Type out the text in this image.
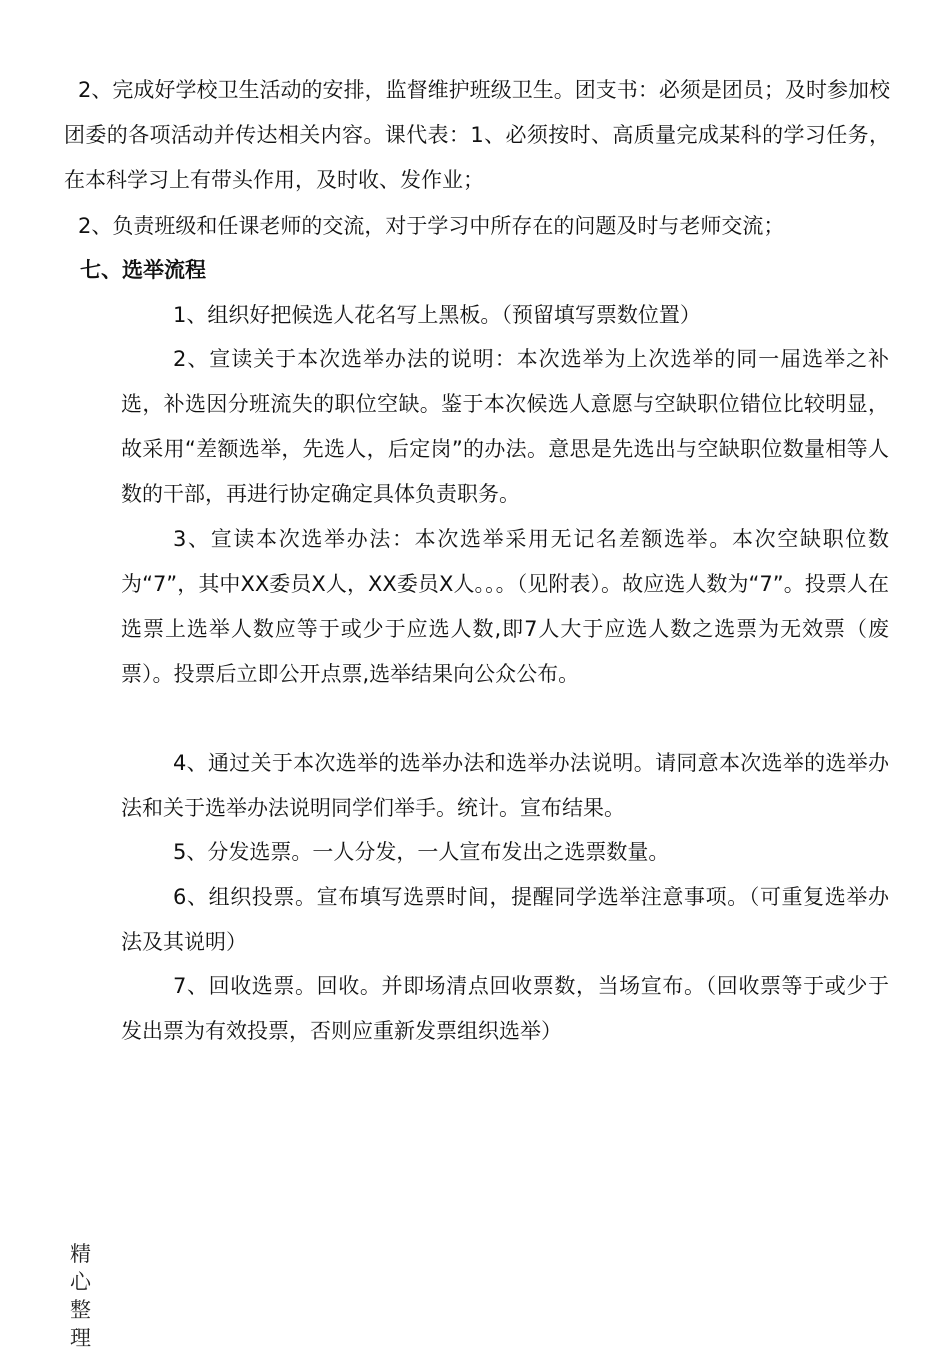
2、完成好学校卫生活动的安排，监督维护班级卫生。团支书：必须是团员；及时参加校团委的各项活动并传达相关内容。课代表：1、必须按时、高质量完成某科的学习任务，在本科学习上有带头作用，及时收、发作业；

2、负责班级和任课老师的交流，对于学习中所存在的问题及时与老师交流；

七、选举流程

1、组织好把候选人花名写上黑板。（预留填写票数位置）

2、宣读关于本次选举办法的说明：本次选举为上次选举的同一届选举之补选，补选因分班流失的职位空缺。鉴于本次候选人意愿与空缺职位错位比较明显，故采用“差额选举，先选人，后定岗”的办法。意思是先选出与空缺职位数量相等人数的干部，再进行协定确定具体负责职务。

3、宣读本次选举办法：本次选举采用无记名差额选举。本次空缺职位数为“7”，其中XX委员X人，XX委员X人。。。（见附表）。故应选人数为“7”。投票人在选票上选举人数应等于或少于应选人数,即7人大于应选人数之选票为无效票（废票）。投票后立即公开点票,选举结果向公众公布。

4、通过关于本次选举的选举办法和选举办法说明。请同意本次选举的选举办法和关于选举办法说明同学们举手。统计。宣布结果。

5、分发选票。一人分发，一人宣布发出之选票数量。

6、组织投票。宣布填写选票时间，提醒同学选举注意事项。（可重复选举办法及其说明）

7、回收选票。回收。并即场清点回收票数，当场宣布。（回收票等于或少于发出票为有效投票，否则应重新发票组织选举）

精心整理
